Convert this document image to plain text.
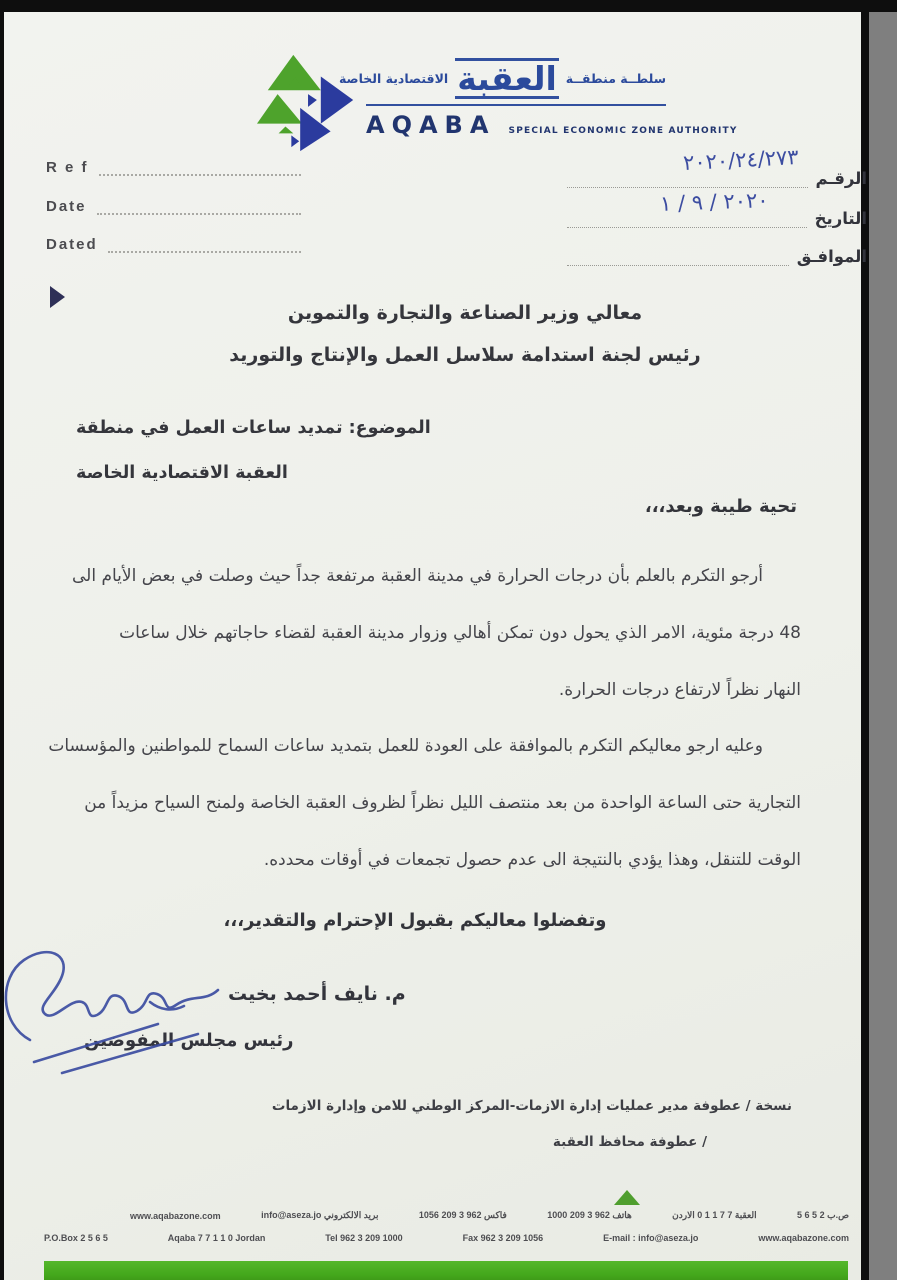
سلطــة منطقــة
العقبة
الاقتصادية الخاصة
AQABA SPECIAL ECONOMIC ZONE AUTHORITY
R e f
Date
Dated
الرقـم
٢٠٢٠/٢٤/٢٧٣
التاريخ
٢٠٢٠ / ٩ / ١
الموافـق
معالي وزير الصناعة والتجارة والتموين
رئيس لجنة استدامة سلاسل العمل والإنتاج والتوريد
الموضوع: تمديد ساعات العمل في منطقة
العقبة الاقتصادية الخاصة
تحية طيبة وبعد،،،
أرجو التكرم بالعلم بأن درجات الحرارة في مدينة العقبة مرتفعة جداً حيث وصلت في بعض الأيام الى
48 درجة مئوية، الامر الذي يحول دون تمكن أهالي وزوار مدينة العقبة لقضاء حاجاتهم خلال ساعات
النهار نظراً لارتفاع درجات الحرارة.
وعليه ارجو معاليكم التكرم بالموافقة على العودة للعمل بتمديد ساعات السماح للمواطنين والمؤسسات
التجارية حتى الساعة الواحدة من بعد منتصف الليل نظراً لظروف العقبة الخاصة ولمنح السياح مزيداً من
الوقت للتنقل، وهذا يؤدي بالنتيجة الى عدم حصول تجمعات في أوقات محدده.
وتفضلوا معاليكم بقبول الإحترام والتقدير،،،
م. نايف أحمد بخيت
رئيس مجلس المفوضين
نسخة / عطوفة مدير عمليات إدارة الازمات-المركز الوطني للامن وإدارة الازمات
/ عطوفة محافظ العقبة
www.aqabazone.com	بريد الالكتروني info@aseza.jo	فاكس 962 3 209 1056	هاتف 962 3 209 1000	العقبة 7 7 1 1 0 الاردن	ص.ب 2 5 6 5
P.O.Box 2 5 6 5	Aqaba 7 7 1 1 0 Jordan	Tel 962 3 209 1000	Fax 962 3 209 1056	E-mail : info@aseza.jo	www.aqabazone.com
